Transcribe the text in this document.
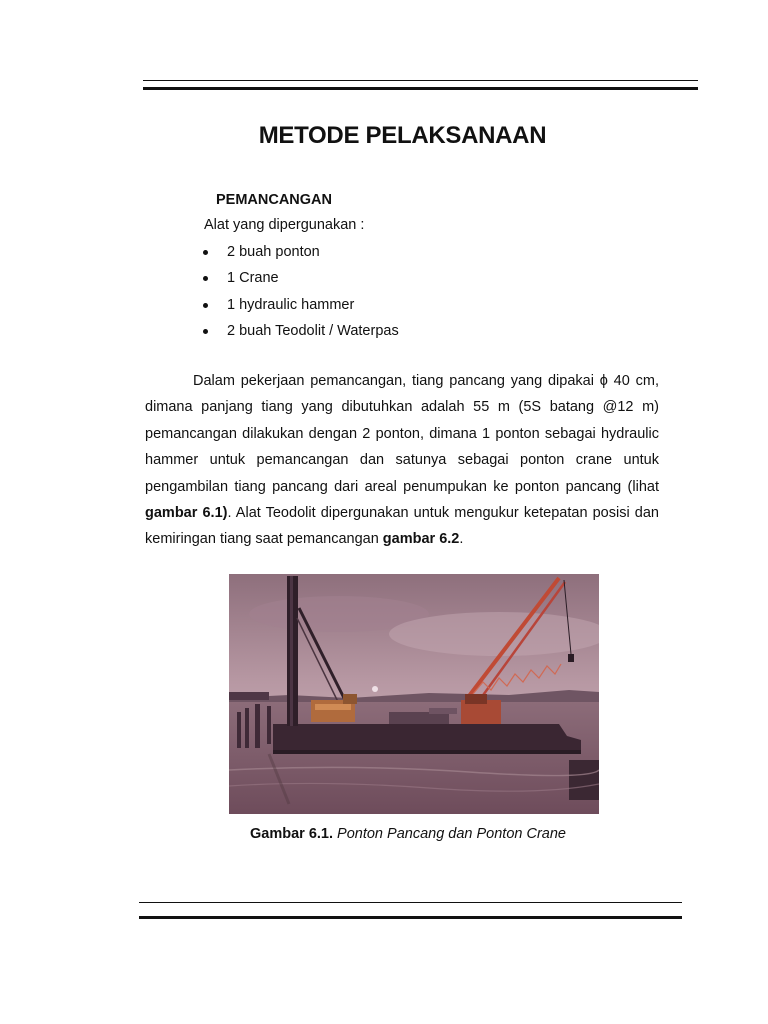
METODE PELAKSANAAN
PEMANCANGAN
Alat yang dipergunakan :
2 buah ponton
1 Crane
1 hydraulic hammer
2 buah Teodolit / Waterpas

Dalam pekerjaan pemancangan, tiang pancang yang dipakai ϕ 40 cm, dimana panjang tiang yang dibutuhkan adalah 55 m (5S batang @12 m) pemancangan dilakukan dengan 2 ponton, dimana 1 ponton sebagai hydraulic hammer untuk pemancangan dan satunya sebagai ponton crane untuk pengambilan tiang pancang dari areal penumpukan ke ponton pancang (lihat gambar 6.1). Alat Teodolit dipergunakan untuk mengukur ketepatan posisi dan kemiringan tiang saat pemancangan gambar 6.2.

Gambar 6.1. Ponton Pancang dan Ponton Crane
